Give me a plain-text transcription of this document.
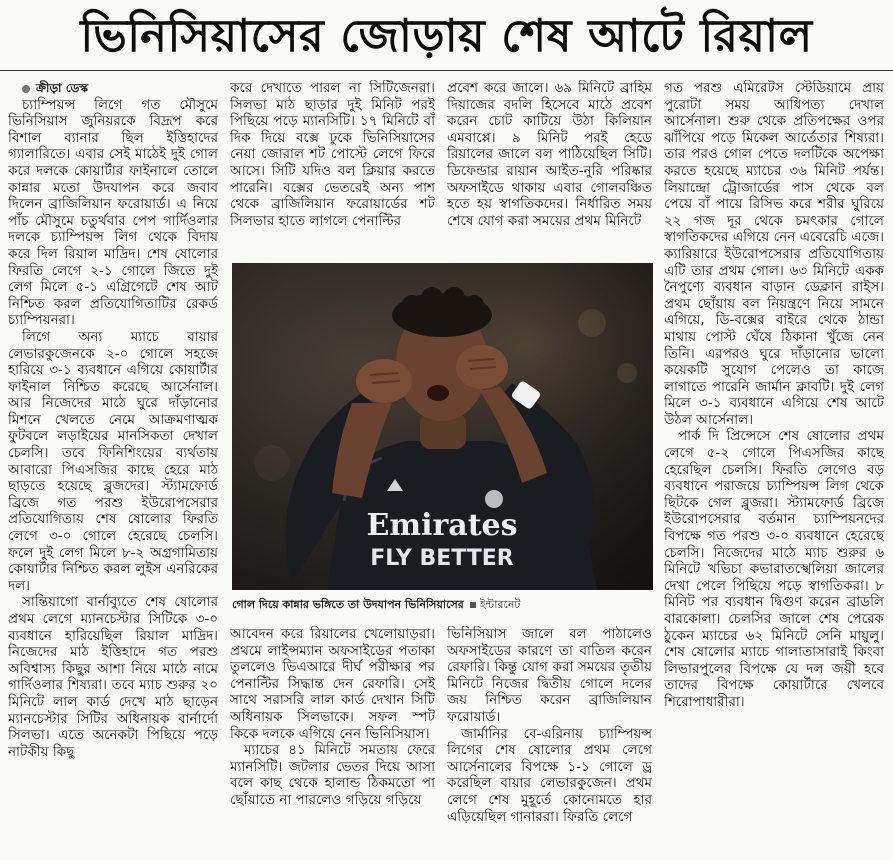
ভিনিসিয়াসের জোড়ায় শেষ আটে রিয়াল

ক্রীড়া ডেস্ক

চ্যাম্পিয়ন্স লিগে গত মৌসুমে ভিনিসিয়াস জুনিয়রকে বিদ্রূপ করে বিশাল ব্যানার ছিল ইত্তিহাদের গ্যালারিতে। এবার সেই মাঠেই দুই গোল করে দলকে কোয়ার্টার ফাইনালে তোলে কান্নার মতো উদযাপন করে জবাব দিলেন ব্রাজিলিয়ান ফরোয়ার্ড। এ নিয়ে পাঁচ মৌসুমে চতুর্থবার পেপ গার্দিওলার দলকে চ্যাম্পিয়ন্স লিগ থেকে বিদায় করে দিল রিয়াল মাদ্রিদ। শেষ ষোলোর ফিরতি লেগে ২-১ গোলে জিতে দুই লেগ মিলে ৫-১ এগ্রিগেটে শেষ আট নিশ্চিত করল প্রতিযোগিতাটির রেকর্ড চ্যাম্পিয়নরা।

লিগে অন্য ম্যাচে বায়ার লেভারকুজেনকে ২-০ গোলে সহজে হারিয়ে ৩-১ ব্যবধানে এগিয়ে কোয়ার্টার ফাইনাল নিশ্চিত করেছে আর্সেনাল। আর নিজেদের মাঠে ঘুরে দাঁড়ানোর মিশনে খেলতে নেমে আক্রমণাত্মক ফুটবলে লড়াইয়ের মানসিকতা দেখাল চেলসি। তবে ফিনিশিংয়ের ব্যর্থতায় আবারো পিএসজির কাছে হেরে মাঠ ছাড়তে হয়েছে ব্লুজদের। স্ট্যামফোর্ড ব্রিজে গত পরশু ইউরোপসেরার প্রতিযোগিতায় শেষ ষোলোর ফিরতি লেগে ৩-০ গোলে হেরেছে চেলসি। ফলে দুই লেগ মিলে ৮-২ অগ্রগামিতায় কোয়ার্টার নিশ্চিত করল লুইস এনরিকের দল।

সান্তিয়াগো বার্নাব্যুতে শেষ ষোলোর প্রথম লেগে ম্যানচেস্টার সিটিকে ৩-০ ব্যবধানে হারিয়েছিল রিয়াল মাদ্রিদ। নিজেদের মাঠ ইত্তিহাদে গত পরশু অবিশ্বাস্য কিছুর আশা নিয়ে মাঠে নামে গার্দিওলার শিষ্যরা। তবে ম্যাচ শুরুর ২০ মিনিটে লাল কার্ড দেখে মাঠ ছাড়েন ম্যানচেস্টার সিটির অধিনায়ক বার্নার্দো সিলভা। এতে অনেকটা পিছিয়ে পড়ে নাটকীয় কিছু

করে দেখাতে পারল না সিটিজেনরা। সিলভা মাঠ ছাড়ার দুই মিনিট পরই পিছিয়ে পড়ে ম্যানসিটি। ১৭ মিনিটে বাঁ দিক দিয়ে বক্সে ঢুকে ভিনিসিয়াসের নেয়া জোরাল শট পোস্টে লেগে ফিরে আসে। সিটি যদিও বল ক্লিয়ার করতে পারেনি। বক্সের ভেতরেই অন্য পাশ থেকে ব্রাজিলিয়ান ফরোয়ার্ডের শট সিলভার হাতে লাগলে পেনাল্টির

প্রবেশ করে জালে। ৬৯ মিনিটে ব্রাহিম দিয়াজের বদলি হিসেবে মাঠে প্রবেশ করেন চোট কাটিয়ে উঠা কিলিয়ান এমবাপ্পে। ৯ মিনিট পরই হেডে রিয়ালের জালে বল পাঠিয়েছিল সিটি। ডিফেন্ডার রায়ান আইত-নুরি পরিষ্কার অফসাইডে থাকায় এবার গোলবঞ্চিত হতে হয় স্বাগতিকদের। নির্ধারিত সময় শেষে যোগ করা সময়ের প্রথম মিনিটে

Emirates
FLY BETTER
গোল দিয়ে কান্নার ভঙ্গিতে তা উদযাপন ভিনিসিয়াসের ইন্টারনেট

আবেদন করে রিয়ালের খেলোয়াড়রা। প্রথমে লাইন্সম্যান অফসাইডের পতাকা তুললেও ভিএআরে দীর্ঘ পরীক্ষার পর পেনাল্টির সিদ্ধান্ত দেন রেফারি। সেই সাথে সরাসরি লাল কার্ড দেখান সিটি অধিনায়ক সিলভাকে। সফল স্পট কিকে দলকে এগিয়ে নেন ভিনিসিয়াস।

ম্যাচের ৪১ মিনিটে সমতায় ফেরে ম্যানসিটি। জটলার ভেতর দিয়ে আসা বলে কাছ থেকে হালান্ড ঠিকমতো পা ছোঁয়াতে না পারলেও গড়িয়ে গড়িয়ে

ভিনিসিয়াস জালে বল পাঠালেও অফসাইডের কারণে তা বাতিল করেন রেফারি। কিন্তু যোগ করা সময়ের তৃতীয় মিনিটে নিজের দ্বিতীয় গোলে দলের জয় নিশ্চিত করেন ব্রাজিলিয়ান ফরোয়ার্ড।

জার্মানির বে-এরিনায় চ্যাম্পিয়ন্স লিগের শেষ ষোলোর প্রথম লেগে আর্সেনালের বিপক্ষে ১-১ গোলে ড্র করেছিল বায়ার লেভারকুজেন। প্রথম লেগে শেষ মুহূর্তে কোনোমতে হার এড়িয়েছিল গানাররা। ফিরতি লেগে

গত পরশু এমিরেটস স্টেডিয়ামে প্রায় পুরোটা সময় আধিপত্য দেখাল আর্সেনাল। শুরু থেকে প্রতিপক্ষের ওপর ঝাঁপিয়ে পড়ে মিকেল আর্তেতার শিষ্যরা। তার পরও গোল পেতে দলটিকে অপেক্ষা করতে হয়েছে ম্যাচের ৩৬ মিনিট পর্যন্ত। লিয়ান্দ্রো ট্রোজার্ডের পাস থেকে বল পেয়ে বাঁ পায়ে রিসিভ করে শরীর ঘুরিয়ে ২২ গজ দূর থেকে চমৎকার গোলে স্বাগতিকদের এগিয়ে নেন এবেরেচি এজে। ক্যারিয়ারে ইউরোপসেরার প্রতিযোগিতায় এটি তার প্রথম গোল। ৬৩ মিনিটে একক নৈপুণ্যে ব্যবধান বাড়ান ডেক্লান রাইস। প্রথম ছোঁয়ায় বল নিয়ন্ত্রণে নিয়ে সামনে এগিয়ে, ডি-বক্সের বাইরে থেকে ঠান্ডা মাথায় পোস্ট ঘেঁষে ঠিকানা খুঁজে নেন তিনি। এরপরও ঘুরে দাঁড়ানোর ভালো কয়েকটি সুযোগ পেলেও তা কাজে লাগাতে পারেনি জার্মান ক্লাবটি। দুই লেগ মিলে ৩-১ ব্যবধানে এগিয়ে শেষ আটে উঠল আর্সেনাল।

পার্ক দি প্রিন্সেসে শেষ ষোলোর প্রথম লেগে ৫-২ গোলে পিএসজির কাছে হেরেছিল চেলসি। ফিরতি লেগেও বড় ব্যবধানে পরাজয়ে চ্যাম্পিয়ন্স লিগ থেকে ছিটকে গেল ব্লুজরা। স্ট্যামফোর্ড ব্রিজে ইউরোপসেরার বর্তমান চ্যাম্পিয়নদের বিপক্ষে গত পরশু ৩-০ ব্যবধানে হেরেছে চেলসি। নিজেদের মাঠে ম্যাচ শুরুর ৬ মিনিটে খভিচা কভারাতস্খেলিয়া জালের দেখা পেলে পিছিয়ে পড়ে স্বাগতিকরা। ৮ মিনিট পর ব্যবধান দ্বিগুণ করেন ব্রাডলি বারকোলা। চেলসির জালে শেষ পেরেক ঠুকেন ম্যাচের ৬২ মিনিটে সেনি মায়ুলু। শেষ ষোলোর ম্যাচে গালাতাসারাই কিংবা লিভারপুলের বিপক্ষে যে দল জয়ী হবে তাদের বিপক্ষে কোয়ার্টারে খেলবে শিরোপাধারীরা।
